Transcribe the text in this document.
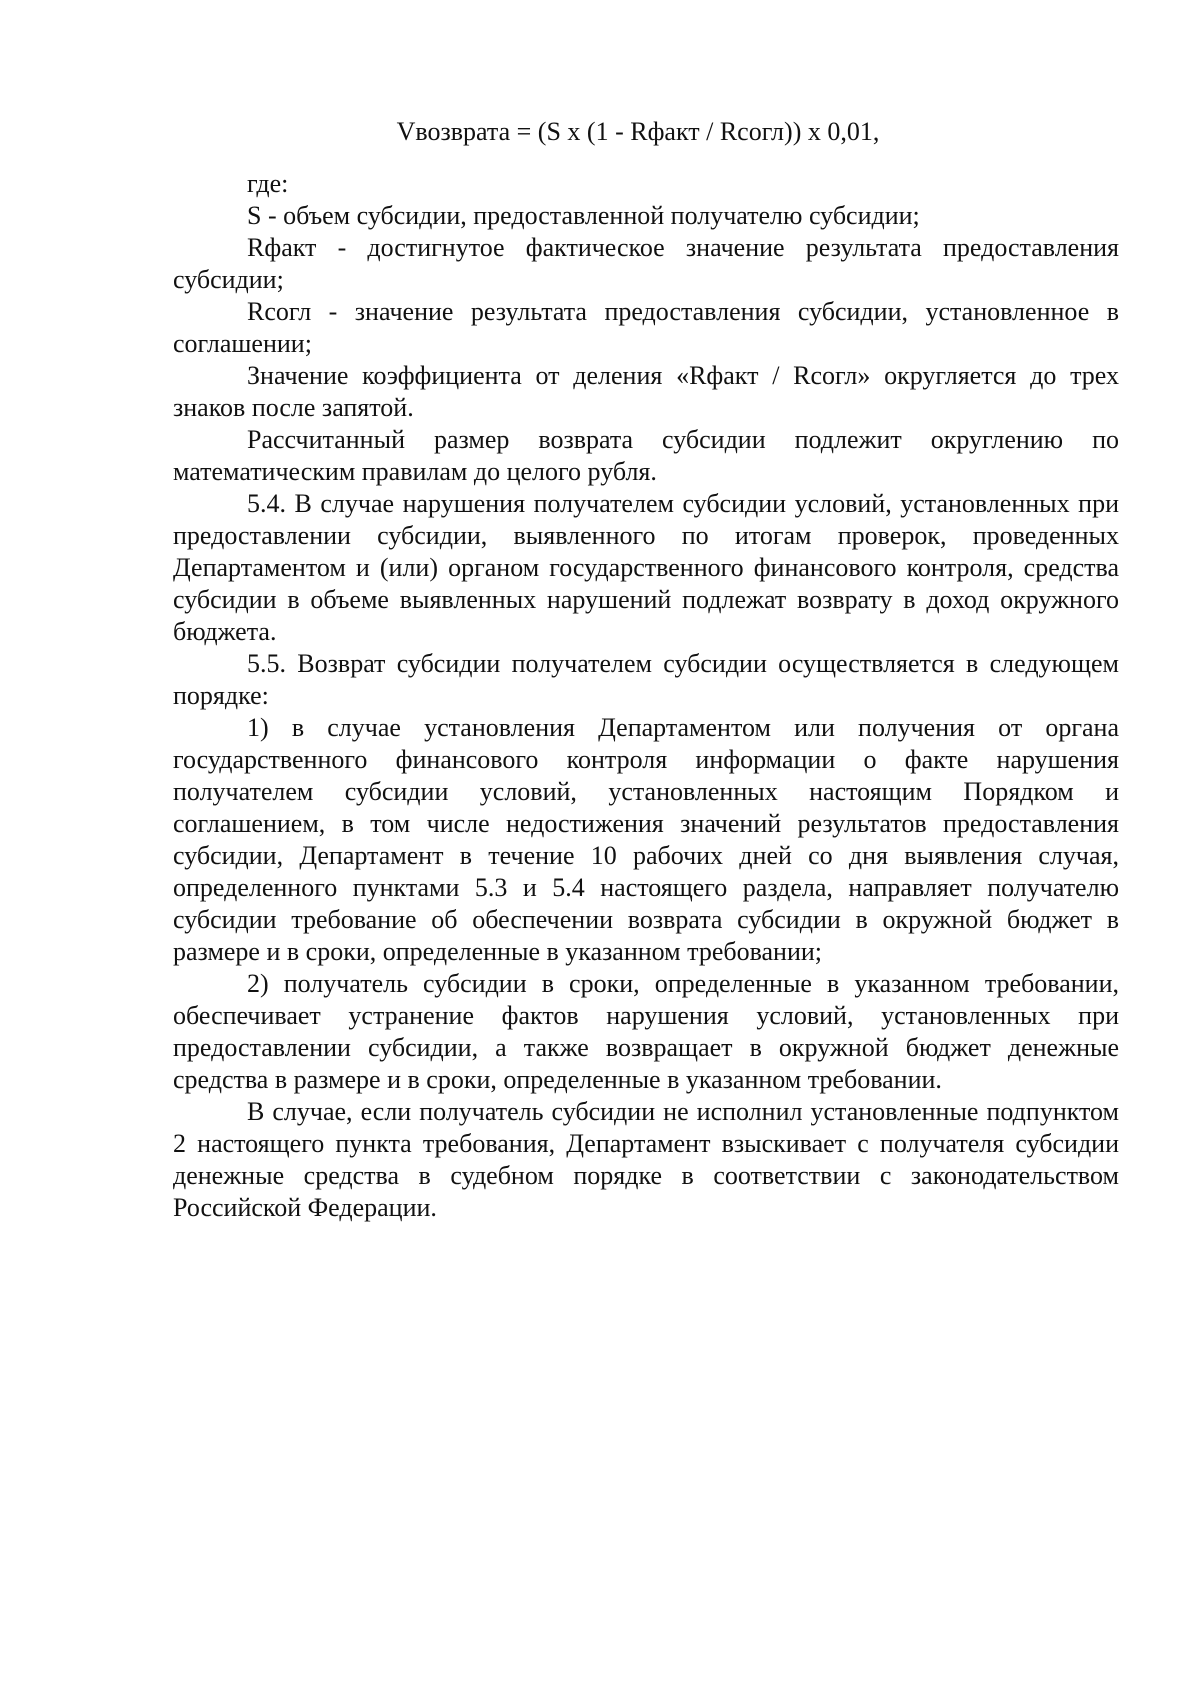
Vвозврата = (S x (1 - Rфакт / Rсогл)) x 0,01,

где:

S - объем субсидии, предоставленной получателю субсидии;

Rфакт - достигнутое фактическое значение результата предоставления субсидии;

Rсогл - значение результата предоставления субсидии, установленное в соглашении;

Значение коэффициента от деления «Rфакт / Rсогл» округляется до трех знаков после запятой.

Рассчитанный размер возврата субсидии подлежит округлению по математическим правилам до целого рубля.

5.4. В случае нарушения получателем субсидии условий, установленных при предоставлении субсидии, выявленного по итогам проверок, проведенных Департаментом и (или) органом государственного финансового контроля, средства субсидии в объеме выявленных нарушений подлежат возврату в доход окружного бюджета.

5.5. Возврат субсидии получателем субсидии осуществляется в следующем порядке:

1) в случае установления Департаментом или получения от органа государственного финансового контроля информации о факте нарушения получателем субсидии условий, установленных настоящим Порядком и соглашением, в том числе недостижения значений результатов предоставления субсидии, Департамент в течение 10 рабочих дней со дня выявления случая, определенного пунктами 5.3 и 5.4 настоящего раздела, направляет получателю субсидии требование об обеспечении возврата субсидии в окружной бюджет в размере и в сроки, определенные в указанном требовании;

2) получатель субсидии в сроки, определенные в указанном требовании, обеспечивает устранение фактов нарушения условий, установленных при предоставлении субсидии, а также возвращает в окружной бюджет денежные средства в размере и в сроки, определенные в указанном требовании.

В случае, если получатель субсидии не исполнил установленные подпунктом 2 настоящего пункта требования, Департамент взыскивает с получателя субсидии денежные средства в судебном порядке в соответствии с законодательством Российской Федерации.
